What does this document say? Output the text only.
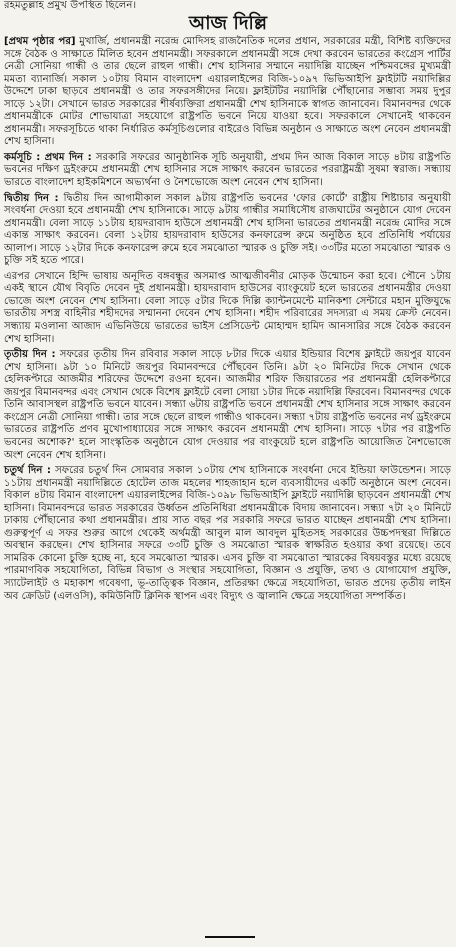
রহমতুল্লাহ প্রমুখ উপস্থিত ছিলেন।
আজ দিল্লি

[প্রথম পৃষ্ঠার পর] মুখার্জি, প্রধানমন্ত্রী নরেন্দ্র মোদিসহ রাজনৈতিক দলের প্রধান, সরকারের মন্ত্রী, বিশিষ্ট ব্যক্তিদের সঙ্গে বৈঠক ও সাক্ষাতে মিলিত হবেন প্রধানমন্ত্রী। সফরকালে প্রধানমন্ত্রী সঙ্গে দেখা করবেন ভারতের কংগ্রেস পার্টির নেত্রী সোনিয়া গান্ধী ও তার ছেলে রাহুল গান্ধী। শেখ হাসিনার সম্মানে নয়াদিল্লি যাচ্ছেন পশ্চিমবঙ্গের মুখ্যমন্ত্রী মমতা ব্যানার্জি। সকাল ১০টায় বিমান বাংলাদেশ এয়ারলাইন্সের বিজি-১০৯৭ ভিভিআইপি ফ্লাইটটি নয়াদিল্লির উদ্দেশে ঢাকা ছাড়বে প্রধানমন্ত্রী ও তার সফরসঙ্গীদের নিয়ে। ফ্লাইটটির নয়াদিল্লি পৌঁছানোর সম্ভাব্য সময় দুপুর সাড়ে ১২টা। সেখানে ভারত সরকারের শীর্ষব্যক্তিরা প্রধানমন্ত্রী শেখ হাসিনাকে স্বাগত জানাবেন। বিমানবন্দর থেকে প্রধানমন্ত্রীকে মোটর শোভাযাত্রা সহযোগে রাষ্ট্রপতি ভবনে নিয়ে যাওয়া হবে। সফরকালে সেখানেই থাকবেন প্রধানমন্ত্রী। সফরসূচিতে থাকা নির্ধারিত কর্মসূচিগুলোর বাইরেও বিভিন্ন অনুষ্ঠান ও সাক্ষাতে অংশ নেবেন প্রধানমন্ত্রী শেখ হাসিনা।

কর্মসূচি : প্রথম দিন : সরকারি সফরের আনুষ্ঠানিক সূচি অনুযায়ী, প্রথম দিন আজ বিকাল সাড়ে ৪টায় রাষ্ট্রপতি ভবনের দক্ষিণ ড্রইংরুমে প্রধানমন্ত্রী শেখ হাসিনার সঙ্গে সাক্ষাৎ করবেন ভারতের পররাষ্ট্রমন্ত্রী সুষমা স্বরাজ। সন্ধ্যায় ভারতে বাংলাদেশ হাইকমিশনে অভ্যর্থনা ও নৈশভোজে অংশ নেবেন শেখ হাসিনা।

দ্বিতীয় দিন : দ্বিতীয় দিন আগামীকাল সকাল ৯টায় রাষ্ট্রপতি ভবনের 'ফোর কোর্টে' রাষ্ট্রীয় শিষ্টাচার অনুযায়ী সংবর্ধনা দেওয়া হবে প্রধানমন্ত্রী শেখ হাসিনাকে। সাড়ে ৯টায় গান্ধীর সমাধিসৌধ রাজঘাটের অনুষ্ঠানে যোগ দেবেন প্রধানমন্ত্রী। বেলা সাড়ে ১১টায় হায়দরাবাদ হাউসে প্রধানমন্ত্রী শেখ হাসিনা ভারতের প্রধানমন্ত্রী নরেন্দ্র মোদির সঙ্গে একান্ত সাক্ষাৎ করবেন। বেলা ১২টায় হায়দরাবাদ হাউসের কনফারেন্স রুমে অনুষ্ঠিত হবে প্রতিনিধি পর্যায়ের আলাপ। সাড়ে ১২টার দিকে কনফারেন্স রুমে হবে সমঝোতা স্মারক ও চুক্তি সই। ৩৩টির মতো সমঝোতা স্মারক ও চুক্তি সই হতে পারে।

এরপর সেখানে হিন্দি ভাষায় অনূদিত বঙ্গবন্ধুর অসমাপ্ত আত্মজীবনীর মোড়ক উন্মোচন করা হবে। পৌনে ১টায় একই স্থানে যৌথ বিবৃতি দেবেন দুই প্রধানমন্ত্রী। হায়দরাবাদ হাউসের ব্যাংকুয়েট হলে ভারতের প্রধানমন্ত্রীর দেওয়া ভোজে অংশ নেবেন শেখ হাসিনা। বেলা সাড়ে ৫টার দিকে দিল্লি ক্যান্টনমেন্টে মানিকশা সেন্টারে মহান মুক্তিযুদ্ধে ভারতীয় সশস্ত্র বাহিনীর শহীদদের সম্মাননা দেবেন শেখ হাসিনা। শহীদ পরিবারের সদস্যরা এ সময় ক্রেস্ট নেবেন। সন্ধ্যায় মওলানা আজাদ এভিনিউয়ে ভারতের ভাইস প্রেসিডেন্ট মোহাম্মদ হামিদ আনসারির সঙ্গে বৈঠক করবেন শেখ হাসিনা।

তৃতীয় দিন : সফরের তৃতীয় দিন রবিবার সকাল সাড়ে ৮টার দিকে এয়ার ইন্ডিয়ার বিশেষ ফ্লাইটে জয়পুর যাবেন শেখ হাসিনা। ৯টা ১০ মিনিটে জয়পুর বিমানবন্দরে পৌঁছবেন তিনি। ৯টা ২০ মিনিটের দিকে সেখান থেকে হেলিকপ্টারে আজমীর শরিফের উদ্দেশে রওনা হবেন। আজমীর শরিফ জিয়ারতের পর প্রধানমন্ত্রী হেলিকপ্টারে জয়পুর বিমানবন্দর এবং সেখান থেকে বিশেষ ফ্লাইটে বেলা সোয়া ১টার দিকে নয়াদিল্লি ফিরবেন। বিমানবন্দর থেকে তিনি আবাসস্থল রাষ্ট্রপতি ভবনে যাবেন। সন্ধ্যা ৬টায় রাষ্ট্রপতি ভবনে প্রধানমন্ত্রী শেখ হাসিনার সঙ্গে সাক্ষাৎ করবেন কংগ্রেস নেত্রী সোনিয়া গান্ধী। তার সঙ্গে ছেলে রাহুল গান্ধীও থাকবেন। সন্ধ্যা ৭টায় রাষ্ট্রপতি ভবনের নর্থ ড্রইংরুমে ভারতের রাষ্ট্রপতি প্রণব মুখোপাধ্যায়ের সঙ্গে সাক্ষাৎ করবেন প্রধানমন্ত্রী শেখ হাসিনা। সাড়ে ৭টার পর রাষ্ট্রপতি ভবনের অশোক?' হলে সাংস্কৃতিক অনুষ্ঠানে যোগ দেওয়ার পর বাংকুয়েট হলে রাষ্ট্রপতি আয়োজিত নৈশভোজে অংশ নেবেন শেখ হাসিনা।

চতুর্থ দিন : সফরের চতুর্থ দিন সোমবার সকাল ১০টায় শেখ হাসিনাকে সংবর্ধনা দেবে ইন্ডিয়া ফাউন্ডেশন। সাড়ে ১১টায় প্রধানমন্ত্রী নয়াদিল্লিতে হোটেল তাজ মহলের শাহজাহান হলে ব্যবসায়ীদের একটি অনুষ্ঠানে অংশ নেবেন। বিকাল ৪টায় বিমান বাংলাদেশ এয়ারলাইন্সের বিজি-১০৯৮ ভিভিআইপি ফ্লাইটে নয়াদিল্লি ছাড়বেন প্রধানমন্ত্রী শেখ হাসিনা। বিমানবন্দরে ভারত সরকারের উর্ধ্বতন প্রতিনিধিরা প্রধানমন্ত্রীকে বিদায় জানাবেন। সন্ধ্যা ৭টা ২০ মিনিটে ঢাকায় পৌঁছানোর কথা প্রধানমন্ত্রীর। প্রায় সাত বছর পর সরকারি সফরে ভারত যাচ্ছেন প্রধানমন্ত্রী শেখ হাসিনা। গুরুত্বপূর্ণ এ সফর শুরুর আগে থেকেই অর্থমন্ত্রী আবুল মাল আবদুল মুহিতসহ সরকারের উচ্চপদস্থরা দিল্লিতে অবস্থান করছেন। শেখ হাসিনার সফরে ৩৩টি চুক্তি ও সমঝোতা স্মারক স্বাক্ষরিত হওয়ার কথা রয়েছে। তবে সামরিক কোনো চুক্তি হচ্ছে না, হবে সমঝোতা স্মারক। এসব চুক্তি বা সমঝোতা স্মারকের বিষয়বস্তুর মধ্যে রয়েছে পারমাণবিক সহযোগিতা, বিভিন্ন বিভাগ ও সংস্থার সহযোগিতা, বিজ্ঞান ও প্রযুক্তি, তথ্য ও যোগাযোগ প্রযুক্তি, স্যাটেলাইট ও মহাকাশ গবেষণা, ভূ-তাত্ত্বিক বিজ্ঞান, প্রতিরক্ষা ক্ষেত্রে সহযোগিতা, ভারত প্রদেয় তৃতীয় লাইন অব ক্রেডিট (এলওসি), কমিউনিটি ক্লিনিক স্থাপন এবং বিদ্যুৎ ও জ্বালানি ক্ষেত্রে সহযোগিতা সম্পর্কিত।
